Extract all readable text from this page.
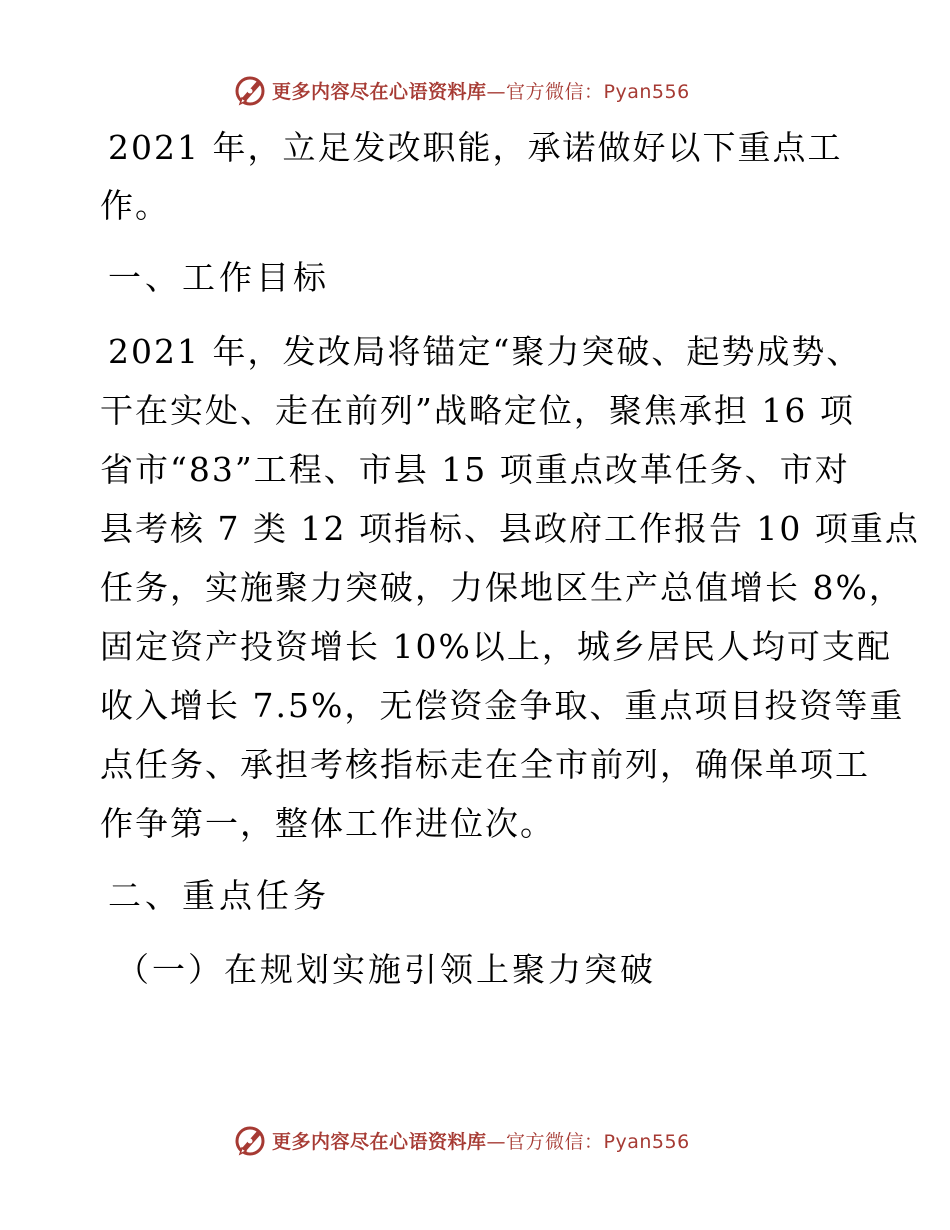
更多内容尽在心语资料库—官方微信：Pyan556
2021 年，立足发改职能，承诺做好以下重点工
作。
一、工作目标
2021 年，发改局将锚定“聚力突破、起势成势、
干在实处、走在前列”战略定位，聚焦承担 16 项
省市“83”工程、市县 15 项重点改革任务、市对
县考核 7 类 12 项指标、县政府工作报告 10 项重点
任务，实施聚力突破，力保地区生产总值增长 8%，
固定资产投资增长 10%以上，城乡居民人均可支配
收入增长 7.5%，无偿资金争取、重点项目投资等重
点任务、承担考核指标走在全市前列，确保单项工
作争第一，整体工作进位次。
二、重点任务
（一）在规划实施引领上聚力突破
更多内容尽在心语资料库—官方微信：Pyan556
